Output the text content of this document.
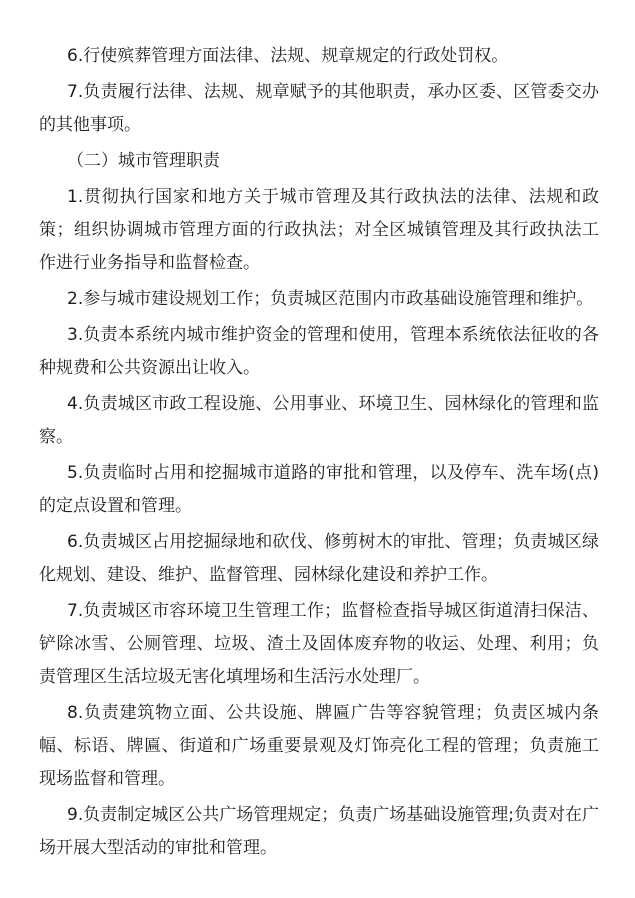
6.行使殡葬管理方面法律、法规、规章规定的行政处罚权。

7.负责履行法律、法规、规章赋予的其他职责，承办区委、区管委交办的其他事项。

（二）城市管理职责

1.贯彻执行国家和地方关于城市管理及其行政执法的法律、法规和政策；组织协调城市管理方面的行政执法；对全区城镇管理及其行政执法工作进行业务指导和监督检查。

2.参与城市建设规划工作；负责城区范围内市政基础设施管理和维护。

3.负责本系统内城市维护资金的管理和使用，管理本系统依法征收的各种规费和公共资源出让收入。

4.负责城区市政工程设施、公用事业、环境卫生、园林绿化的管理和监察。

5.负责临时占用和挖掘城市道路的审批和管理，以及停车、洗车场(点)的定点设置和管理。

6.负责城区占用挖掘绿地和砍伐、修剪树木的审批、管理；负责城区绿化规划、建设、维护、监督管理、园林绿化建设和养护工作。

7.负责城区市容环境卫生管理工作；监督检查指导城区街道清扫保洁、铲除冰雪、公厕管理、垃圾、渣土及固体废弃物的收运、处理、利用；负责管理区生活垃圾无害化填埋场和生活污水处理厂。

8.负责建筑物立面、公共设施、牌匾广告等容貌管理；负责区城内条幅、标语、牌匾、街道和广场重要景观及灯饰亮化工程的管理；负责施工现场监督和管理。

9.负责制定城区公共广场管理规定；负责广场基础设施管理;负责对在广场开展大型活动的审批和管理。
